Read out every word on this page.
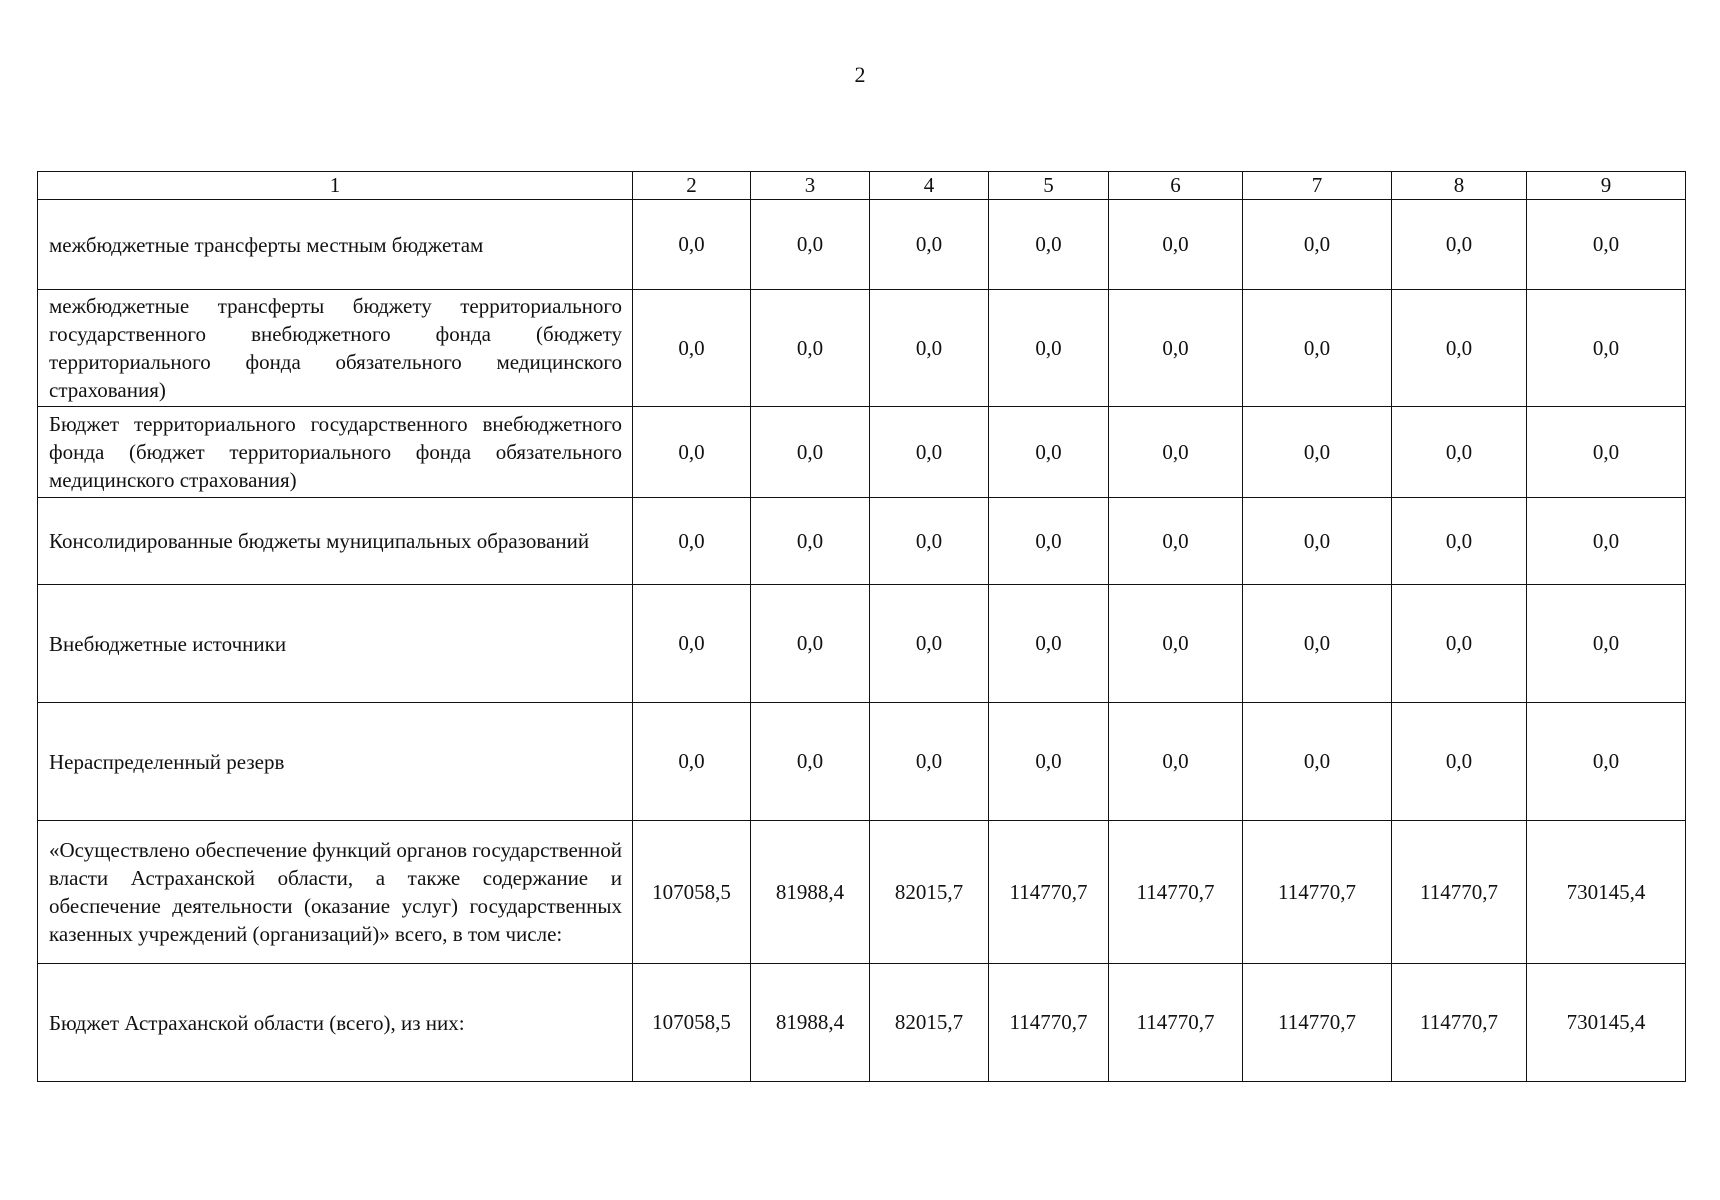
2
1	2	3	4	5	6	7	8	9
межбюджетные трансферты местным бюджетам	0,0	0,0	0,0	0,0	0,0	0,0	0,0	0,0
межбюджетные трансферты бюджету территориального государственного внебюджетного фонда (бюджету территориального фонда обязательного медицинского страхования)	0,0	0,0	0,0	0,0	0,0	0,0	0,0	0,0
Бюджет территориального государственного внебюджетного фонда (бюджет территориального фонда обязательного медицинского страхования)	0,0	0,0	0,0	0,0	0,0	0,0	0,0	0,0
Консолидированные бюджеты муниципальных образований	0,0	0,0	0,0	0,0	0,0	0,0	0,0	0,0
Внебюджетные источники	0,0	0,0	0,0	0,0	0,0	0,0	0,0	0,0
Нераспределенный резерв	0,0	0,0	0,0	0,0	0,0	0,0	0,0	0,0
«Осуществлено обеспечение функций органов государственной власти Астраханской области, а также содержание и обеспечение деятельности (оказание услуг) государственных казенных учреждений (организаций)» всего, в том числе:	107058,5	81988,4	82015,7	114770,7	114770,7	114770,7	114770,7	730145,4
Бюджет Астраханской области (всего), из них:	107058,5	81988,4	82015,7	114770,7	114770,7	114770,7	114770,7	730145,4
